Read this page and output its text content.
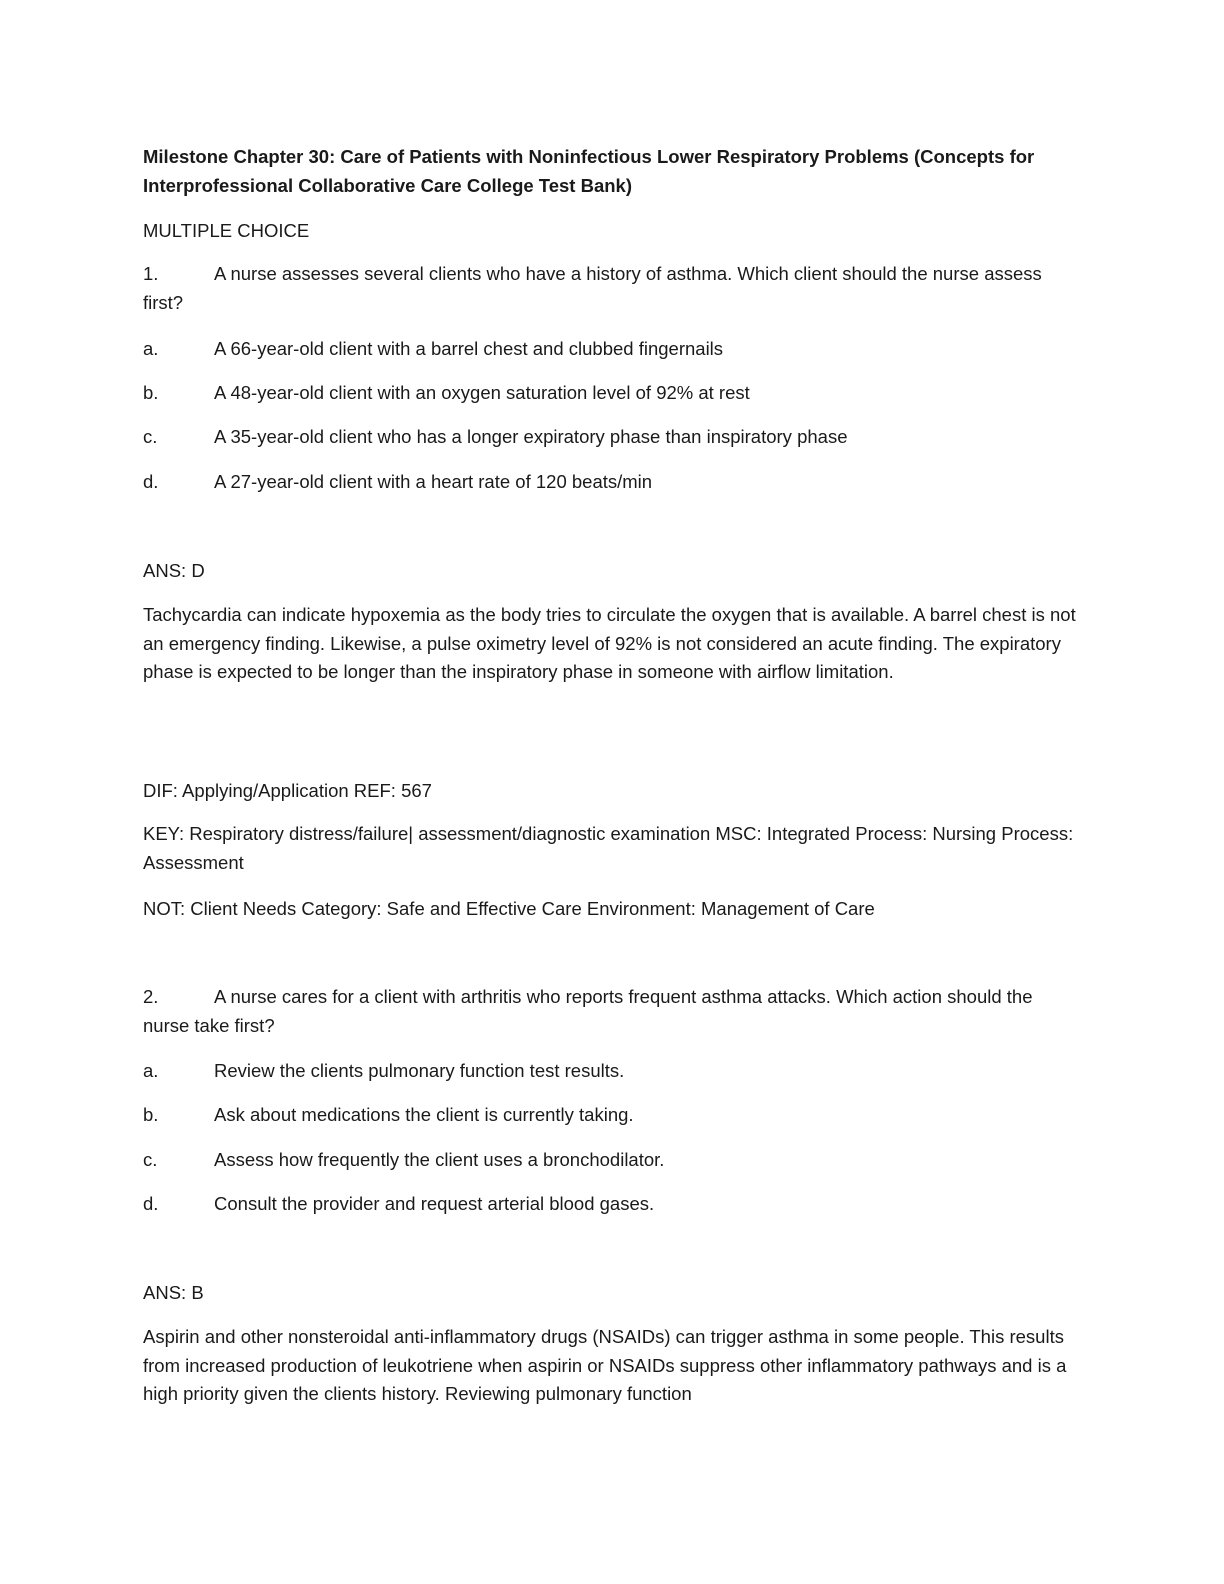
Milestone Chapter 30: Care of Patients with Noninfectious Lower Respiratory Problems (Concepts for Interprofessional Collaborative Care College Test Bank)
MULTIPLE CHOICE
1.	A nurse assesses several clients who have a history of asthma. Which client should the nurse assess first?
a.	A 66-year-old client with a barrel chest and clubbed fingernails
b.	A 48-year-old client with an oxygen saturation level of 92% at rest
c.	A 35-year-old client who has a longer expiratory phase than inspiratory phase
d.	A 27-year-old client with a heart rate of 120 beats/min
ANS: D
Tachycardia can indicate hypoxemia as the body tries to circulate the oxygen that is available. A barrel chest is not an emergency finding. Likewise, a pulse oximetry level of 92% is not considered an acute finding. The expiratory phase is expected to be longer than the inspiratory phase in someone with airflow limitation.
DIF: Applying/Application REF: 567
KEY: Respiratory distress/failure| assessment/diagnostic examination MSC: Integrated Process: Nursing Process: Assessment
NOT: Client Needs Category: Safe and Effective Care Environment: Management of Care
2.	A nurse cares for a client with arthritis who reports frequent asthma attacks. Which action should the nurse take first?
a.	Review the clients pulmonary function test results.
b.	Ask about medications the client is currently taking.
c.	Assess how frequently the client uses a bronchodilator.
d.	Consult the provider and request arterial blood gases.
ANS: B
Aspirin and other nonsteroidal anti-inflammatory drugs (NSAIDs) can trigger asthma in some people. This results from increased production of leukotriene when aspirin or NSAIDs suppress other inflammatory pathways and is a high priority given the clients history. Reviewing pulmonary function
